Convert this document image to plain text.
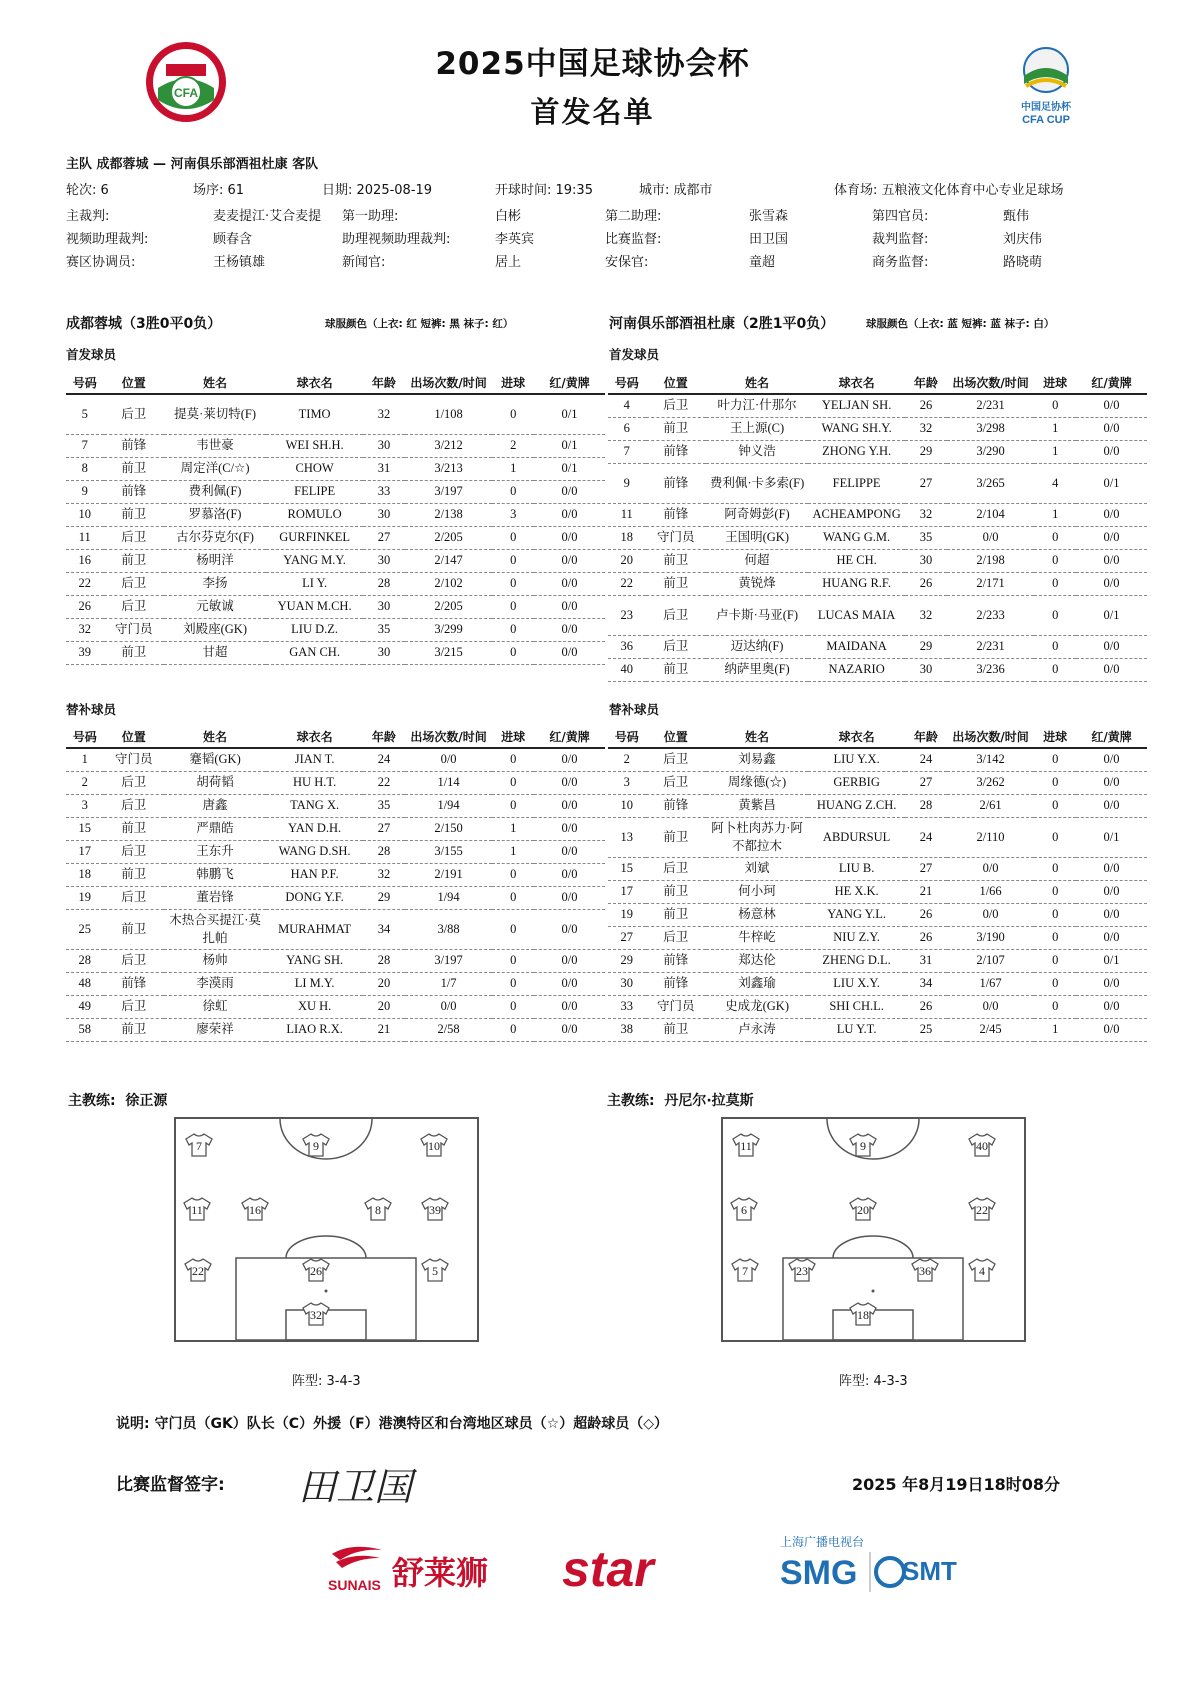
CFA
2025中国足球协会杯
首发名单	中国足协杯
CFA CUP
主队 成都蓉城 — 河南俱乐部酒祖杜康 客队
轮次: 6	场序: 61	日期: 2025-08-19	开球时间: 19:35	城市: 成都市	体育场: 五粮液文化体育中心专业足球场
主裁判:	麦麦提江·艾合麦提 第一助理:	白彬	第二助理:	张雪森	第四官员:	甄伟
视频助理裁判:	顾春含	助理视频助理裁判:	李英宾	比赛监督:	田卫国	裁判监督:	刘庆伟
赛区协调员:	王杨镇雄	新闻官:	居上	安保官:	童超	商务监督:	路晓萌
成都蓉城（3胜0平0负）	球服颜色（上衣: 红 短裤: 黑 袜子: 红）
首发球员
河南俱乐部酒祖杜康（2胜1平0负）	球服颜色（上衣: 蓝 短裤: 蓝 袜子: 白）
首发球员
号码	位置	姓名	球衣名	年龄	出场次数/时间	进球	红/黄牌
5	后卫	提莫·莱切特(F)	TIMO	32	1/108	0	0/1
7	前锋	韦世豪	WEI SH.H.	30	3/212	2	0/1
8	前卫	周定洋(C/☆)	CHOW	31	3/213	1	0/1
9	前锋	费利佩(F)	FELIPE	33	3/197	0	0/0
10	前卫	罗慕洛(F)	ROMULO	30	2/138	3	0/0
11	后卫	古尔芬克尔(F)	GURFINKEL	27	2/205	0	0/0
16	前卫	杨明洋	YANG M.Y.	30	2/147	0	0/0
22	后卫	李扬	LI Y.	28	2/102	0	0/0
26	后卫	元敏诚	YUAN M.CH.	30	2/205	0	0/0
32	守门员	刘殿座(GK)	LIU D.Z.	35	3/299	0	0/0
39	前卫	甘超	GAN CH.	30	3/215	0	0/0
号码	位置	姓名	球衣名	年龄	出场次数/时间	进球	红/黄牌
4	后卫	叶力江·什那尔	YELJAN SH.	26	2/231	0	0/0
6	前卫	王上源(C)	WANG SH.Y.	32	3/298	1	0/0
7	前锋	钟义浩	ZHONG Y.H.	29	3/290	1	0/0
9	前锋	费利佩·卡多索(F)	FELIPPE	27	3/265	4	0/1
11	前锋	阿奇姆彭(F)	ACHEAMPONG	32	2/104	1	0/0
18	守门员	王国明(GK)	WANG G.M.	35	0/0	0	0/0
20	前卫	何超	HE CH.	30	2/198	0	0/0
22	前卫	黄锐烽	HUANG R.F.	26	2/171	0	0/0
23	后卫	卢卡斯·马亚(F)	LUCAS MAIA	32	2/233	0	0/1
36	后卫	迈达纳(F)	MAIDANA	29	2/231	0	0/0
40	前卫	纳萨里奥(F)	NAZARIO	30	3/236	0	0/0
替补球员	替补球员
号码	位置	姓名	球衣名	年龄	出场次数/时间	进球	红/黄牌
1	守门员	蹇韬(GK)	JIAN T.	24	0/0	0	0/0
2	后卫	胡荷韬	HU H.T.	22	1/14	0	0/0
3	后卫	唐鑫	TANG X.	35	1/94	0	0/0
15	前卫	严鼎皓	YAN D.H.	27	2/150	1	0/0
17	后卫	王东升	WANG D.SH.	28	3/155	1	0/0
18	前卫	韩鹏飞	HAN P.F.	32	2/191	0	0/0
19	后卫	董岩锋	DONG Y.F.	29	1/94	0	0/0
25	前卫	木热合买提江·莫扎帕	MURAHMAT	34	3/88	0	0/0
28	后卫	杨帅	YANG SH.	28	3/197	0	0/0
48	前锋	李漠雨	LI M.Y.	20	1/7	0	0/0
49	后卫	徐虹	XU H.	20	0/0	0	0/0
58	前卫	廖荣祥	LIAO R.X.	21	2/58	0	0/0
号码	位置	姓名	球衣名	年龄	出场次数/时间	进球	红/黄牌
2	后卫	刘易鑫	LIU Y.X.	24	3/142	0	0/0
3	后卫	周缘德(☆)	GERBIG	27	3/262	0	0/0
10	前锋	黄紫昌	HUANG Z.CH.	28	2/61	0	0/0
13	前卫	阿卜杜肉苏力·阿不都拉木	ABDURSUL	24	2/110	0	0/1
15	后卫	刘斌	LIU B.	27	0/0	0	0/0
17	前卫	何小珂	HE X.K.	21	1/66	0	0/0
19	前卫	杨意林	YANG Y.L.	26	0/0	0	0/0
27	后卫	牛梓屹	NIU Z.Y.	26	3/190	0	0/0
29	前锋	郑达伦	ZHENG D.L.	31	2/107	0	0/1
30	前锋	刘鑫瑜	LIU X.Y.	34	1/67	0	0/0
33	守门员	史成龙(GK)	SHI CH.L.	26	0/0	0	0/0
38	前卫	卢永涛	LU Y.T.	25	2/45	1	0/0
主教练: 徐正源	主教练: 丹尼尔·拉莫斯
7	9	10
11	16	8	39
22	26	5
32
11	9	40
6	20	22
7	23	36	4
18
阵型: 3-4-3	阵型: 4-3-3
说明: 守门员（GK）队长（C）外援（F）港澳特区和台湾地区球员（☆）超龄球员（◇）
比赛监督签字: 田卫国	2025 年8月19日18时08分
SUNAIS 舒莱狮 star	上海广播电视台
SMG SMT
